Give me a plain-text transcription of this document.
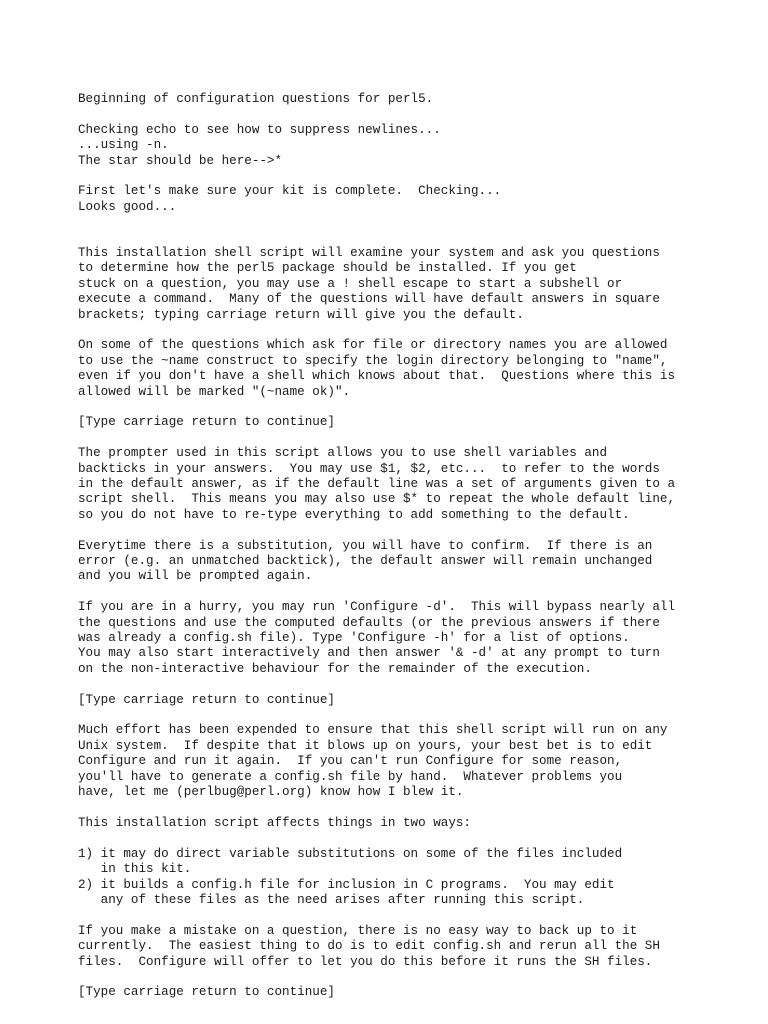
Beginning of configuration questions for perl5.
Checking echo to see how to suppress newlines...
...using -n.
The star should be here-->*
First let's make sure your kit is complete.  Checking...
Looks good...
This installation shell script will examine your system and ask you questions
to determine how the perl5 package should be installed. If you get
stuck on a question, you may use a ! shell escape to start a subshell or
execute a command.  Many of the questions will have default answers in square
brackets; typing carriage return will give you the default.
On some of the questions which ask for file or directory names you are allowed
to use the ~name construct to specify the login directory belonging to "name",
even if you don't have a shell which knows about that.  Questions where this is
allowed will be marked "(~name ok)".
[Type carriage return to continue]
The prompter used in this script allows you to use shell variables and
backticks in your answers.  You may use $1, $2, etc...  to refer to the words
in the default answer, as if the default line was a set of arguments given to a
script shell.  This means you may also use $* to repeat the whole default line,
so you do not have to re-type everything to add something to the default.
Everytime there is a substitution, you will have to confirm.  If there is an
error (e.g. an unmatched backtick), the default answer will remain unchanged
and you will be prompted again.
If you are in a hurry, you may run 'Configure -d'.  This will bypass nearly all
the questions and use the computed defaults (or the previous answers if there
was already a config.sh file). Type 'Configure -h' for a list of options.
You may also start interactively and then answer '& -d' at any prompt to turn
on the non-interactive behaviour for the remainder of the execution.
[Type carriage return to continue]
Much effort has been expended to ensure that this shell script will run on any
Unix system.  If despite that it blows up on yours, your best bet is to edit
Configure and run it again.  If you can't run Configure for some reason,
you'll have to generate a config.sh file by hand.  Whatever problems you
have, let me (perlbug@perl.org) know how I blew it.
This installation script affects things in two ways:
1) it may do direct variable substitutions on some of the files included
in this kit.
2) it builds a config.h file for inclusion in C programs.  You may edit
any of these files as the need arises after running this script.
If you make a mistake on a question, there is no easy way to back up to it
currently.  The easiest thing to do is to edit config.sh and rerun all the SH
files.  Configure will offer to let you do this before it runs the SH files.
[Type carriage return to continue]
